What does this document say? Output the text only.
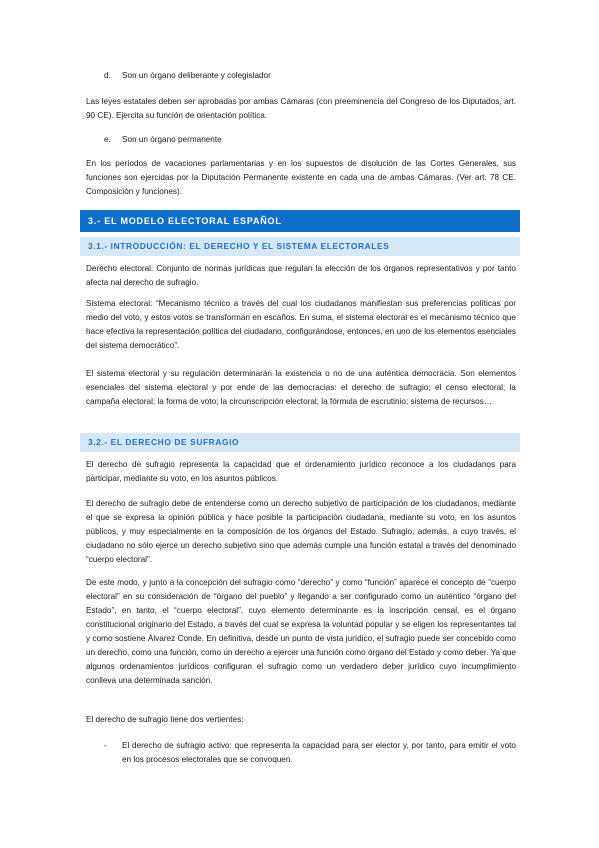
d. Son un órgano deliberante y colegislador

Las leyes estatales deben ser aprobadas por ambas Cámaras (con preeminencia del Congreso de los Diputados, art. 90 CE). Ejercita su función de orientación política.

e. Son un órgano permanente

En los períodos de vacaciones parlamentarias y en los supuestos de disolución de las Cortes Generales, sus funciones son ejercidas por la Diputación Permanente existente en cada una de ambas Cámaras. (Ver art. 78 CE. Composición y funciones).

3.- EL MODELO ELECTORAL ESPAÑOL
3.1.- INTRODUCCIÓN: EL DERECHO Y EL SISTEMA ELECTORALES

Derecho electoral: Conjunto de normas jurídicas que regulan la elección de los órganos representativos y por tanto afecta nal derecho de sufragio.

Sistema electoral: “Mecanismo técnico a través del cual los ciudadanos manifiestan sus preferencias políticas por medio del voto, y estos votos se transforman en escaños. En suma, el sistema electoral es el mecanismo técnico que hace efectiva la representación política del ciudadano, configurándose, entonces, en uno de los elementos esenciales del sistema democrático”.

El sistema electoral y su regulación determinarán la existencia o no de una auténtica democracia. Son elementos esenciales del sistema electoral y por ende de las democracias: el derecho de sufragio; el censo electoral; la campaña electoral; la forma de voto; la circunscripción electoral; la fórmula de escrutinio; sistema de recursos…

3.2.- EL DERECHO DE SUFRAGIO

El derecho de sufragio representa la capacidad que el ordenamiento jurídico reconoce a los ciudadanos para participar, mediante su voto, en los asuntos públicos.

El derecho de sufragio debe de entenderse como un derecho subjetivo de participación de los ciudadanos, mediante el que se expresa la opinión pública y hace posible la participación ciudadana, mediante su voto, en los asuntos públicos, y muy especialmente en la composición de los órganos del Estado. Sufragio, además, a cuyo través, el ciudadano no sólo ejerce un derecho subjetivo sino que además cumple una función estatal a través del denominado “cuerpo electoral”.

De este modo, y junto a la concepción del sufragio como “derecho” y como “función” aparece el concepto de “cuerpo electoral” en su consideración de “órgano del pueblo” y llegando a ser configurado como un auténtico “órgano del Estado”, en tanto, el “cuerpo electoral”, cuyo elemento determinante es la inscripción censal, es el órgano constitucional originario del Estado, a través del cual se expresa la voluntad popular y se eligen los representantes tal y como sostiene Álvarez Conde. En definitiva, desde un punto de vista jurídico, el sufragio puede ser concebido como un derecho, como una función, como un derecho a ejercer una función como órgano del Estado y como deber. Ya que algunos ordenamientos jurídicos configuran el sufragio como un verdadero deber jurídico cuyo incumplimiento conlleva una determinada sanción.

El derecho de sufragio tiene dos vertientes:

- El derecho de sufragio activo: que representa la capacidad para ser elector y, por tanto, para emitir el voto en los procesos electorales que se convoquen.
